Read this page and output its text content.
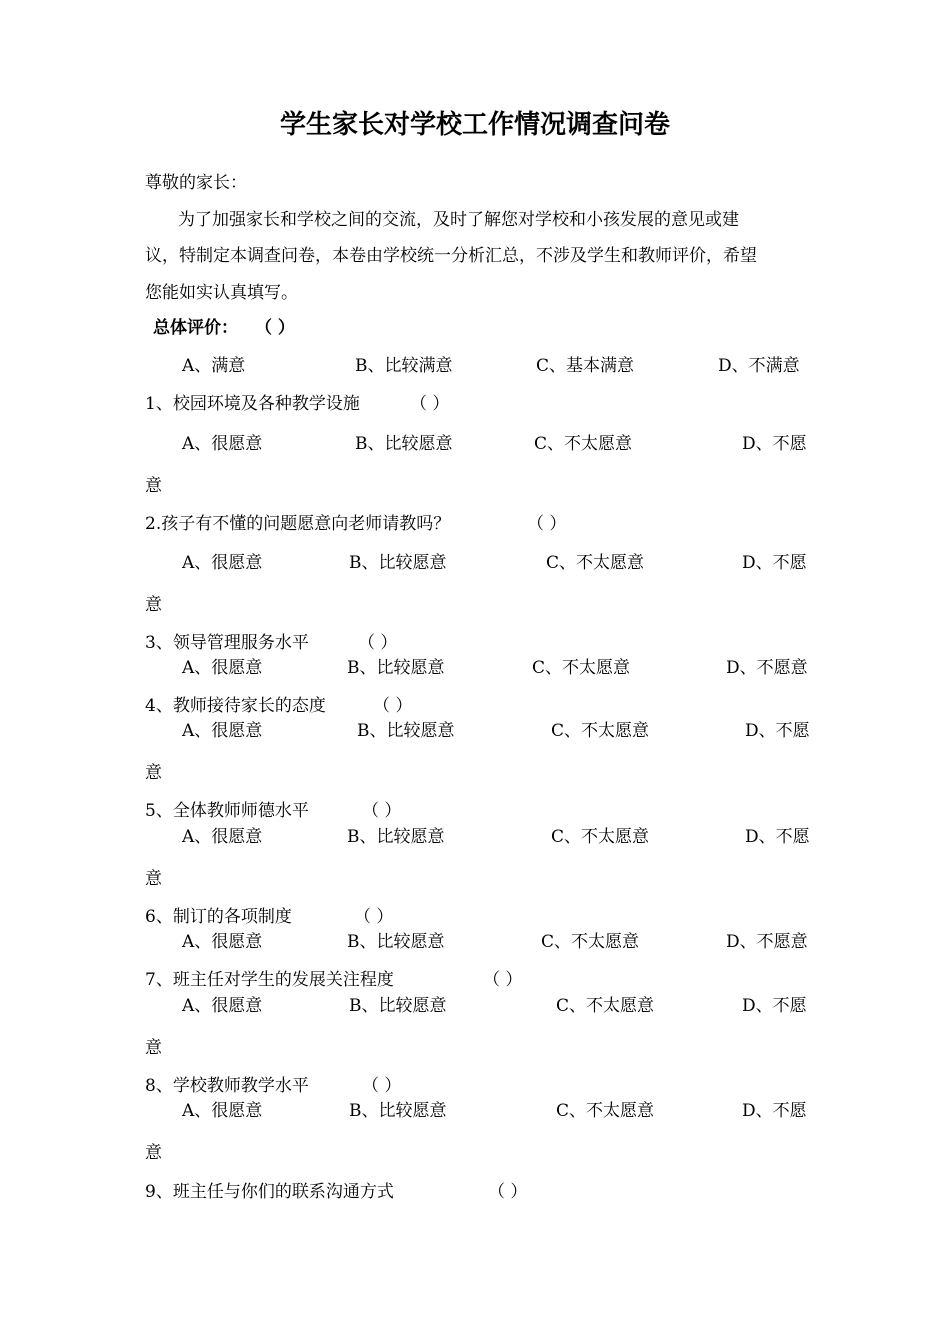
学生家长对学校工作情况调查问卷
尊敬的家长：
为了加强家长和学校之间的交流，及时了解您对学校和小孩发展的意见或建
议，特制定本调查问卷，本卷由学校统一分析汇总，不涉及学生和教师评价，希望
您能如实认真填写。
总体评价： （ ）
A、满意	B、比较满意	C、基本满意	D、不满意
1、校园环境及各种教学设施	（ ）
A、很愿意	B、比较愿意	C、不太愿意	D、不愿
意
2.孩子有不懂的问题愿意向老师请教吗？	（ ）
A、很愿意	B、比较愿意	C、不太愿意	D、不愿
意
3、领导管理服务水平	（ ）
A、很愿意	B、比较愿意	C、不太愿意	D、不愿意
4、教师接待家长的态度	（ ）
A、很愿意	B、比较愿意	C、不太愿意	D、不愿
意
5、全体教师师德水平	（ ）
A、很愿意	B、比较愿意	C、不太愿意	D、不愿
意
6、制订的各项制度	（ ）
A、很愿意	B、比较愿意	C、不太愿意	D、不愿意
7、班主任对学生的发展关注程度	（ ）
A、很愿意	B、比较愿意	C、不太愿意	D、不愿
意
8、学校教师教学水平	（ ）
A、很愿意	B、比较愿意	C、不太愿意	D、不愿
意
9、班主任与你们的联系沟通方式	（ ）
